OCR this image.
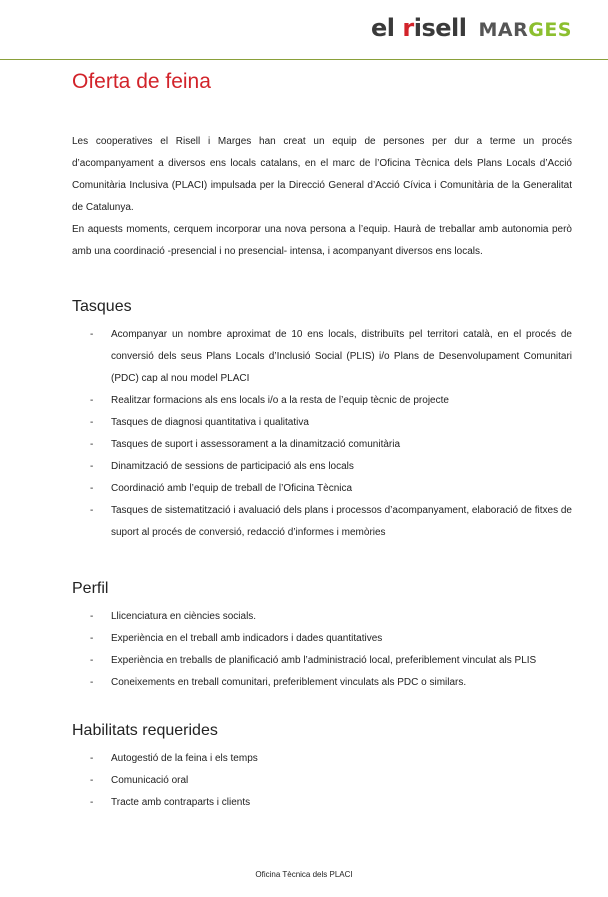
el risell MARGES
Oferta de feina

Les cooperatives el Risell i Marges han creat un equip de persones per dur a terme un procés d’acompanyament a diversos ens locals catalans, en el marc de l’Oficina Tècnica dels Plans Locals d’Acció Comunitària Inclusiva (PLACI) impulsada per la Direcció General d’Acció Cívica i Comunitària de la Generalitat de Catalunya.

En aquests moments, cerquem incorporar una nova persona a l’equip. Haurà de treballar amb autonomia però amb una coordinació -presencial i no presencial- intensa, i acompanyant diversos ens locals.

Tasques
- Acompanyar un nombre aproximat de 10 ens locals, distribuïts pel territori català, en el procés de conversió dels seus Plans Locals d’Inclusió Social (PLIS) i/o Plans de Desenvolupament Comunitari (PDC) cap al nou model PLACI
- Realitzar formacions als ens locals i/o a la resta de l’equip tècnic de projecte
- Tasques de diagnosi quantitativa i qualitativa
- Tasques de suport i assessorament a la dinamització comunitària
- Dinamització de sessions de participació als ens locals
- Coordinació amb l’equip de treball de l’Oficina Tècnica
- Tasques de sistematització i avaluació dels plans i processos d’acompanyament, elaboració de fitxes de suport al procés de conversió, redacció d’informes i memòries
Perfil
- Llicenciatura en ciències socials.
- Experiència en el treball amb indicadors i dades quantitatives
- Experiència en treballs de planificació amb l’administració local, preferiblement vinculat als PLIS
- Coneixements en treball comunitari, preferiblement vinculats als PDC o similars.
Habilitats requerides
- Autogestió de la feina i els temps
- Comunicació oral
- Tracte amb contraparts i clients
Oficina Tècnica dels PLACI
